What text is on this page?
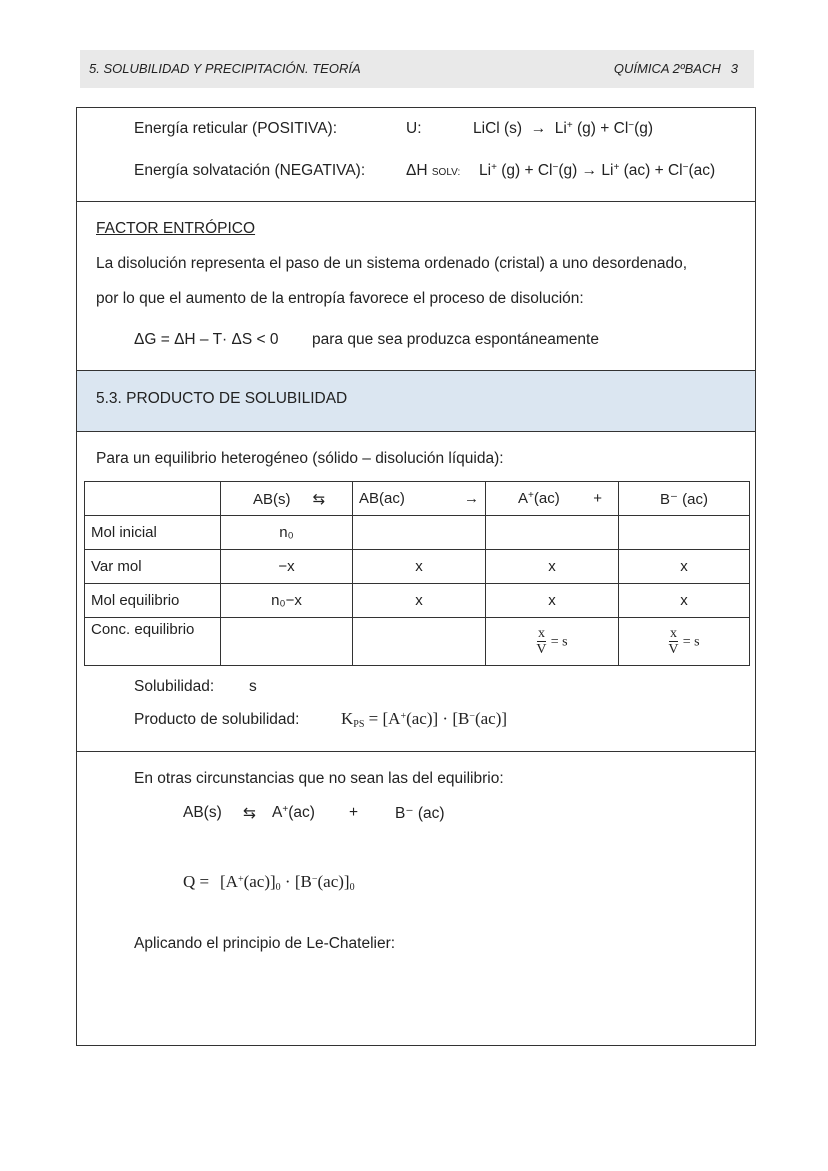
5. SOLUBILIDAD Y PRECIPITACIÓN. TEORÍA	QUÍMICA 2ºBACH 3
Energía reticular (POSITIVA):	U:	LiCl (s)  →  Li+ (g) + Cl−(g)
Energía solvatación (NEGATIVA):	ΔH SOLV: Li+ (g) + Cl−(g) → Li+ (ac) + Cl−(ac)
FACTOR ENTRÓPICO
La disolución representa el paso de un sistema ordenado (cristal) a uno desordenado,
por lo que el aumento de la entropía favorece el proceso de disolución:
ΔG = ΔH – T· ΔS < 0 para que sea produzca espontáneamente
5.3. PRODUCTO DE SOLUBILIDAD
Para un equilibrio heterogéneo (sólido – disolución líquida):
	AB(s) ⇆	AB(ac) →	A+(ac) +	B⁻ (ac)
Mol inicial	n₀			
Var mol	−x	x	x	x
Mol equilibrio	n₀−x	x	x	x
Conc. equilibrio			$\frac{x}{V} = s$	$\frac{x}{V} = s$
Solubilidad: s
Producto de solubilidad: $K_{PS} = [A^+(ac)] \cdot [B^-(ac)]$
En otras circunstancias que no sean las del equilibrio:
AB(s) ⇆ A+(ac) + B⁻ (ac)
$Q = [A^+(ac)]_0 \cdot [B^-(ac)]_0$
Aplicando el principio de Le-Chatelier:
